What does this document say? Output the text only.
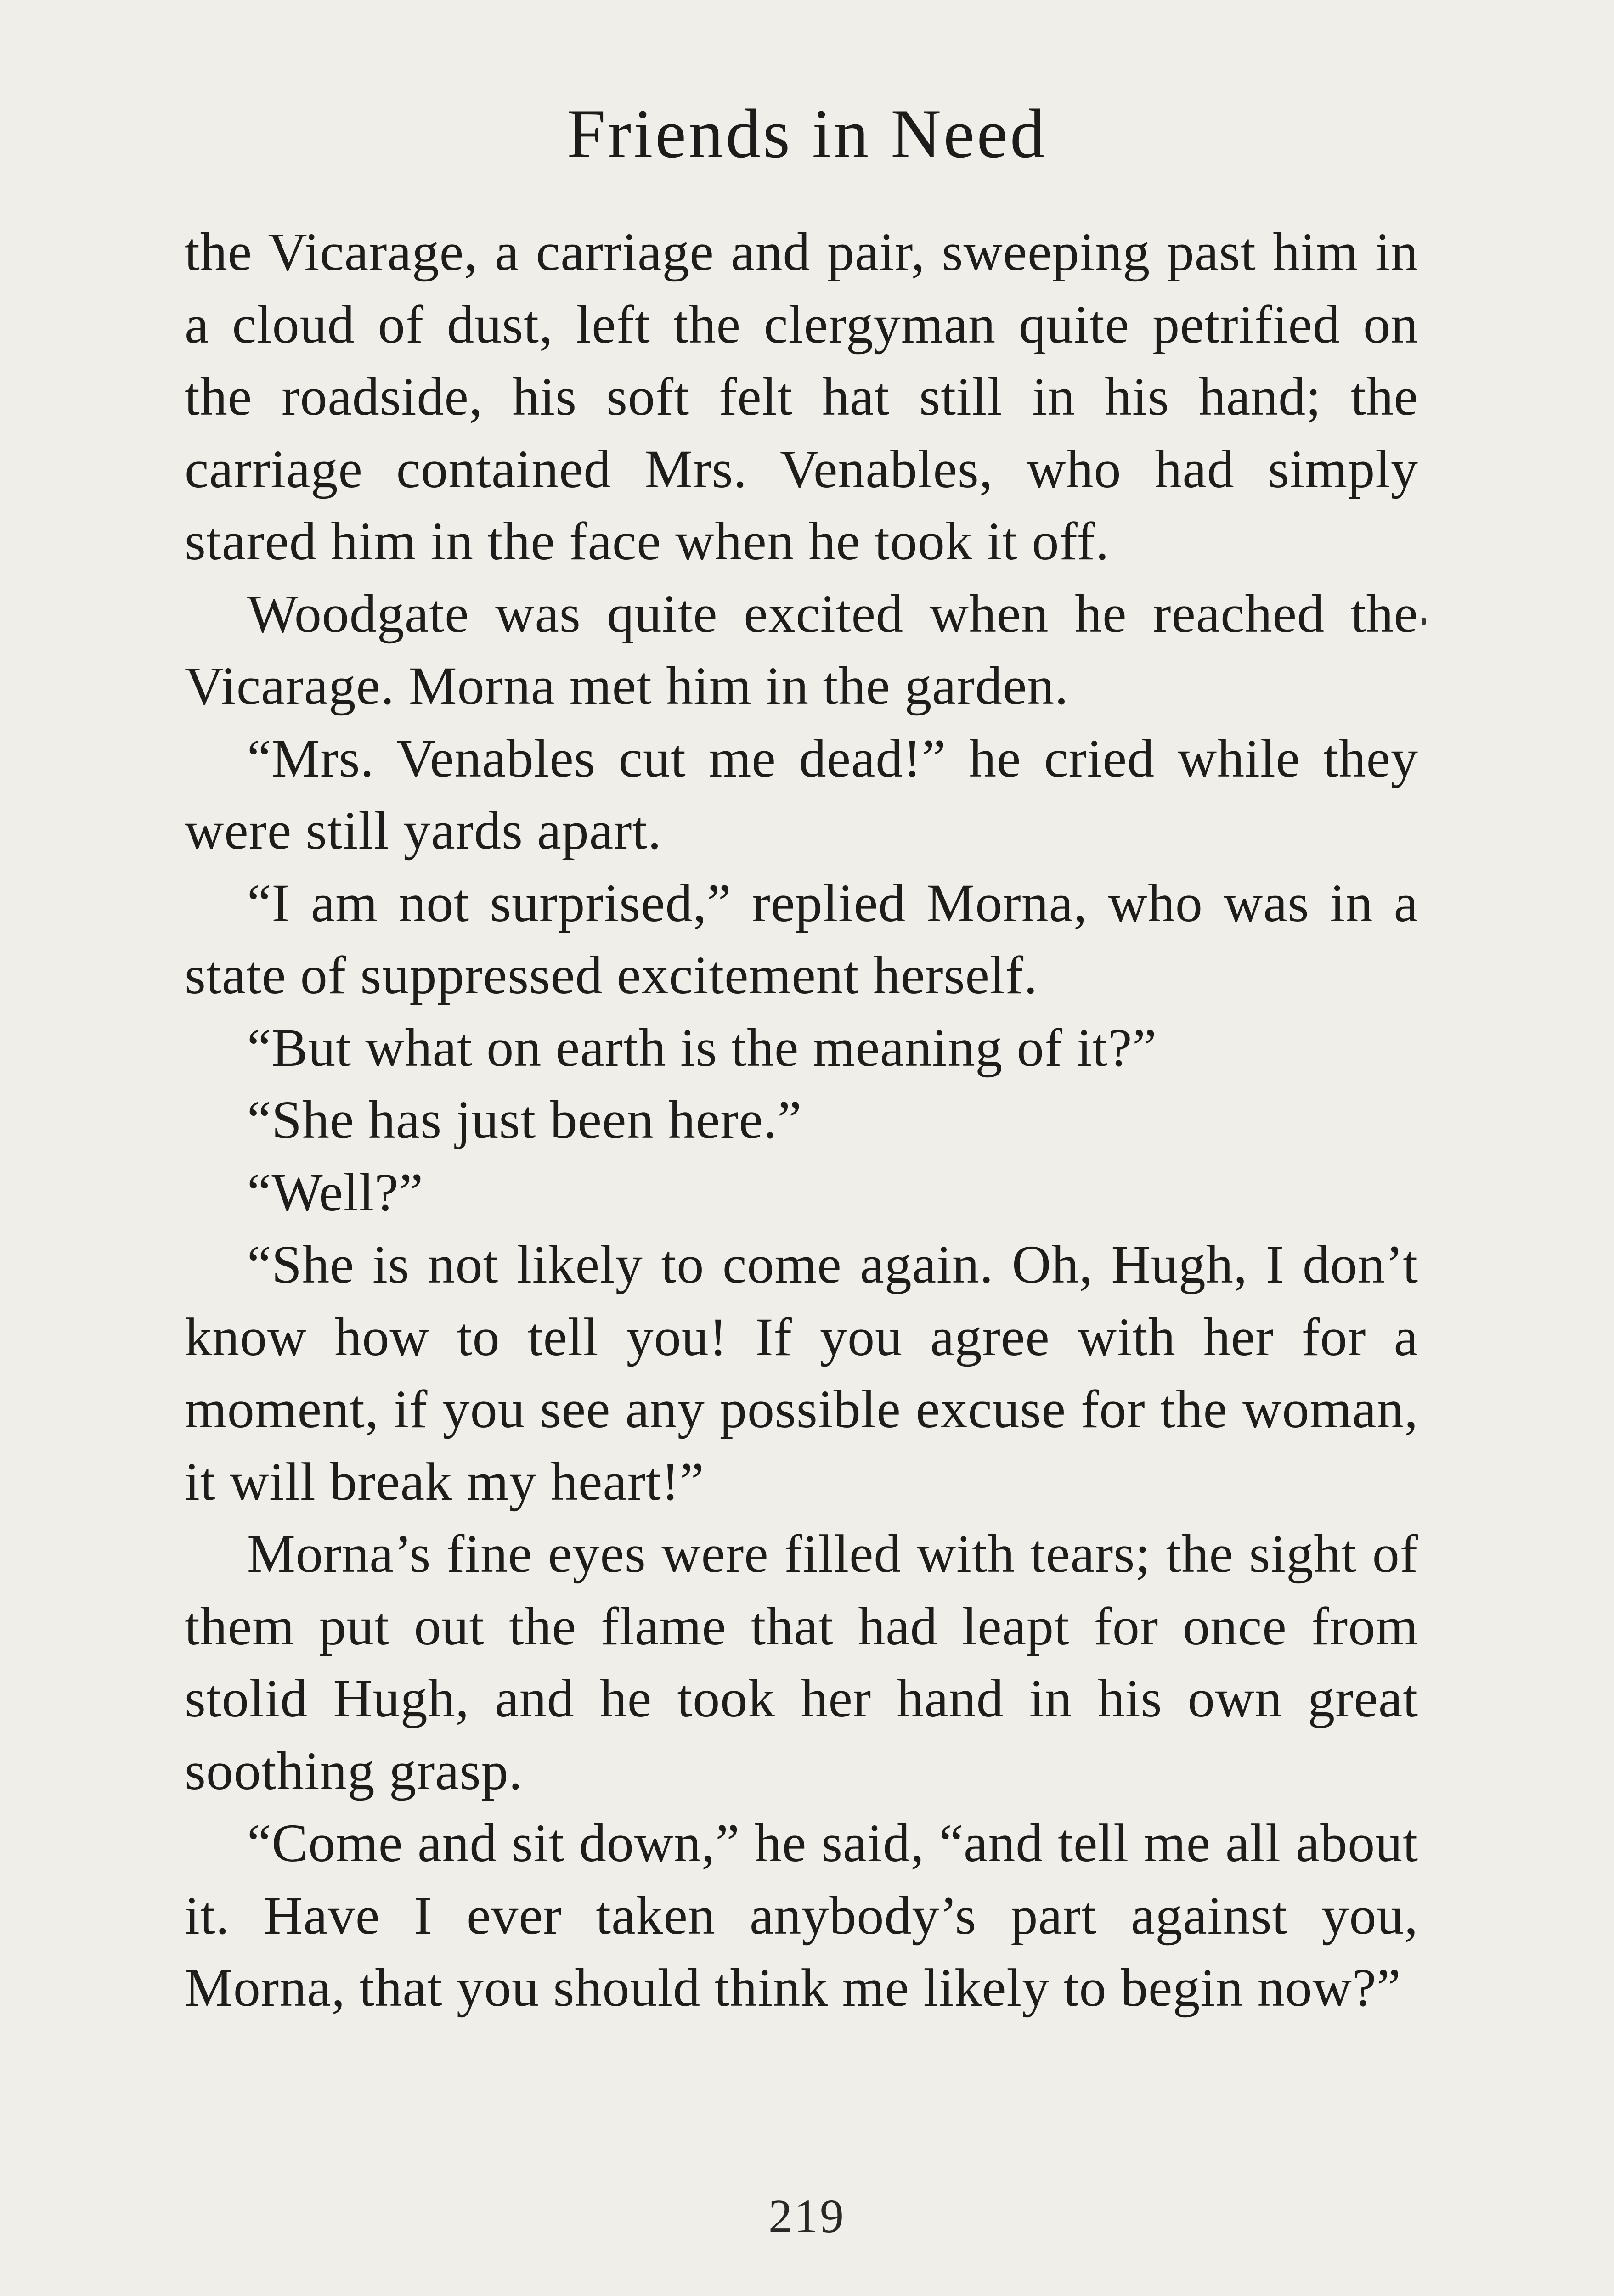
Friends in Need

the Vicarage, a carriage and pair, sweeping past him in a cloud of dust, left the clergyman quite petrified on the roadside, his soft felt hat still in his hand; the carriage contained Mrs. Venables, who had simply stared him in the face when he took it off.

Woodgate was quite excited when he reached the Vicarage. Morna met him in the garden.

“Mrs. Venables cut me dead!” he cried while they were still yards apart.

“I am not surprised,” replied Morna, who was in a state of suppressed excitement herself.

“But what on earth is the meaning of it?”

“She has just been here.”

“Well?”

“She is not likely to come again. Oh, Hugh, I don’t know how to tell you! If you agree with her for a moment, if you see any possible excuse for the woman, it will break my heart!”

Morna’s fine eyes were filled with tears; the sight of them put out the flame that had leapt for once from stolid Hugh, and he took her hand in his own great soothing grasp.

“Come and sit down,” he said, “and tell me all about it. Have I ever taken anybody’s part against you, Morna, that you should think me likely to begin now?”

219
